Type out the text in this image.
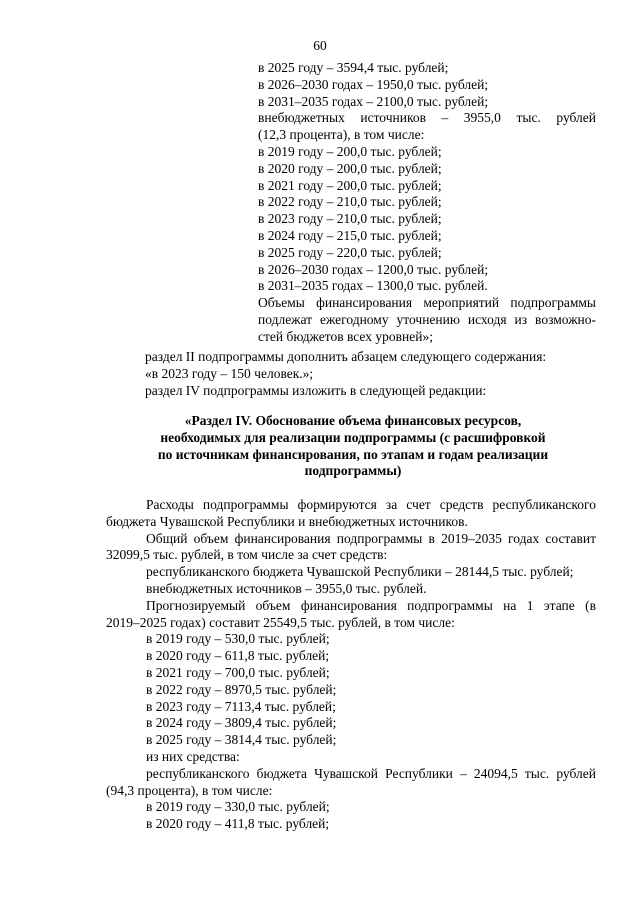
60

в 2025 году – 3594,4 тыс. рублей;

в 2026–2030 годах – 1950,0 тыс. рублей;

в 2031–2035 годах – 2100,0 тыс. рублей;

внебюджетных источников – 3955,0 тыс. рублей

(12,3 процента), в том числе:

в 2019 году – 200,0 тыс. рублей;

в 2020 году – 200,0 тыс. рублей;

в 2021 году – 200,0 тыс. рублей;

в 2022 году – 210,0 тыс. рублей;

в 2023 году – 210,0 тыс. рублей;

в 2024 году – 215,0 тыс. рублей;

в 2025 году – 220,0 тыс. рублей;

в 2026–2030 годах – 1200,0 тыс. рублей;

в 2031–2035 годах – 1300,0 тыс. рублей.

Объемы финансирования мероприятий подпрограммы

подлежат ежегодному уточнению исходя из возможно-

стей бюджетов всех уровней»;

раздел II подпрограммы дополнить абзацем следующего содержания:

«в 2023 году – 150 человек.»;

раздел IV подпрограммы изложить в следующей редакции:

«Раздел IV. Обоснование объема финансовых ресурсов,

необходимых для реализации подпрограммы (с расшифровкой

по источникам финансирования, по этапам и годам реализации

подпрограммы)

Расходы подпрограммы формируются за счет средств республиканского

бюджета Чувашской Республики и внебюджетных источников.

Общий объем финансирования подпрограммы в 2019–2035 годах составит

32099,5 тыс. рублей, в том числе за счет средств:

республиканского бюджета Чувашской Республики – 28144,5 тыс. рублей;

внебюджетных источников – 3955,0 тыс. рублей.

Прогнозируемый объем финансирования подпрограммы на 1 этапе (в

2019–2025 годах) составит 25549,5 тыс. рублей, в том числе:

в 2019 году – 530,0 тыс. рублей;

в 2020 году – 611,8 тыс. рублей;

в 2021 году – 700,0 тыс. рублей;

в 2022 году – 8970,5 тыс. рублей;

в 2023 году – 7113,4 тыс. рублей;

в 2024 году – 3809,4 тыс. рублей;

в 2025 году – 3814,4 тыс. рублей;

из них средства:

республиканского бюджета Чувашской Республики – 24094,5 тыс. рублей

(94,3 процента), в том числе:

в 2019 году – 330,0 тыс. рублей;

в 2020 году – 411,8 тыс. рублей;
